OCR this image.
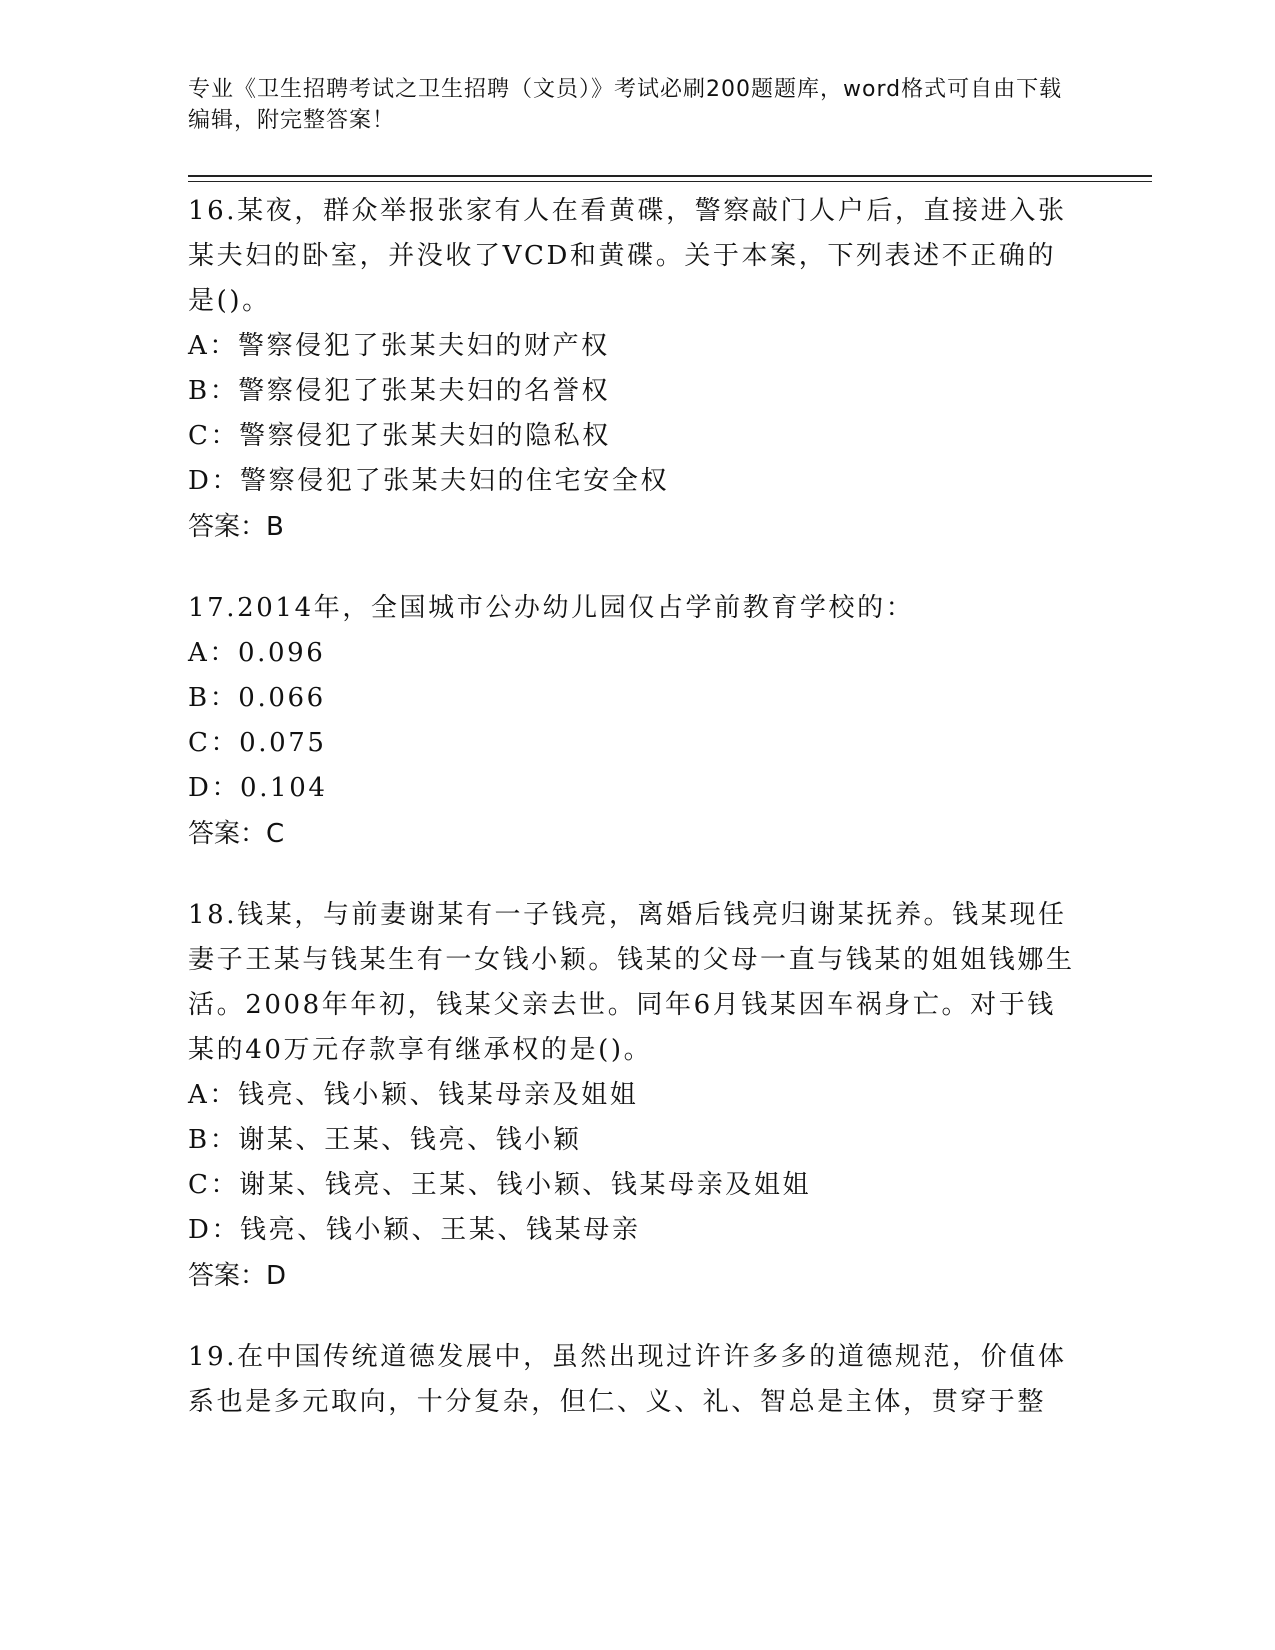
专业《卫生招聘考试之卫生招聘（文员）》考试必刷200题题库，word格式可自由下载编辑，附完整答案！
16.某夜，群众举报张家有人在看黄碟，警察敲门人户后，直接进入张某夫妇的卧室，并没收了VCD和黄碟。关于本案，下列表述不正确的是()。
A：警察侵犯了张某夫妇的财产权
B：警察侵犯了张某夫妇的名誉权
C：警察侵犯了张某夫妇的隐私权
D：警察侵犯了张某夫妇的住宅安全权
答案：B
17.2014年，全国城市公办幼儿园仅占学前教育学校的：
A：0.096
B：0.066
C：0.075
D：0.104
答案：C
18.钱某，与前妻谢某有一子钱亮，离婚后钱亮归谢某抚养。钱某现任妻子王某与钱某生有一女钱小颖。钱某的父母一直与钱某的姐姐钱娜生活。2008年年初，钱某父亲去世。同年6月钱某因车祸身亡。对于钱某的40万元存款享有继承权的是()。
A：钱亮、钱小颖、钱某母亲及姐姐
B：谢某、王某、钱亮、钱小颖
C：谢某、钱亮、王某、钱小颖、钱某母亲及姐姐
D：钱亮、钱小颖、王某、钱某母亲
答案：D
19.在中国传统道德发展中，虽然出现过许许多多的道德规范，价值体系也是多元取向，十分复杂，但仁、义、礼、智总是主体，贯穿于整
